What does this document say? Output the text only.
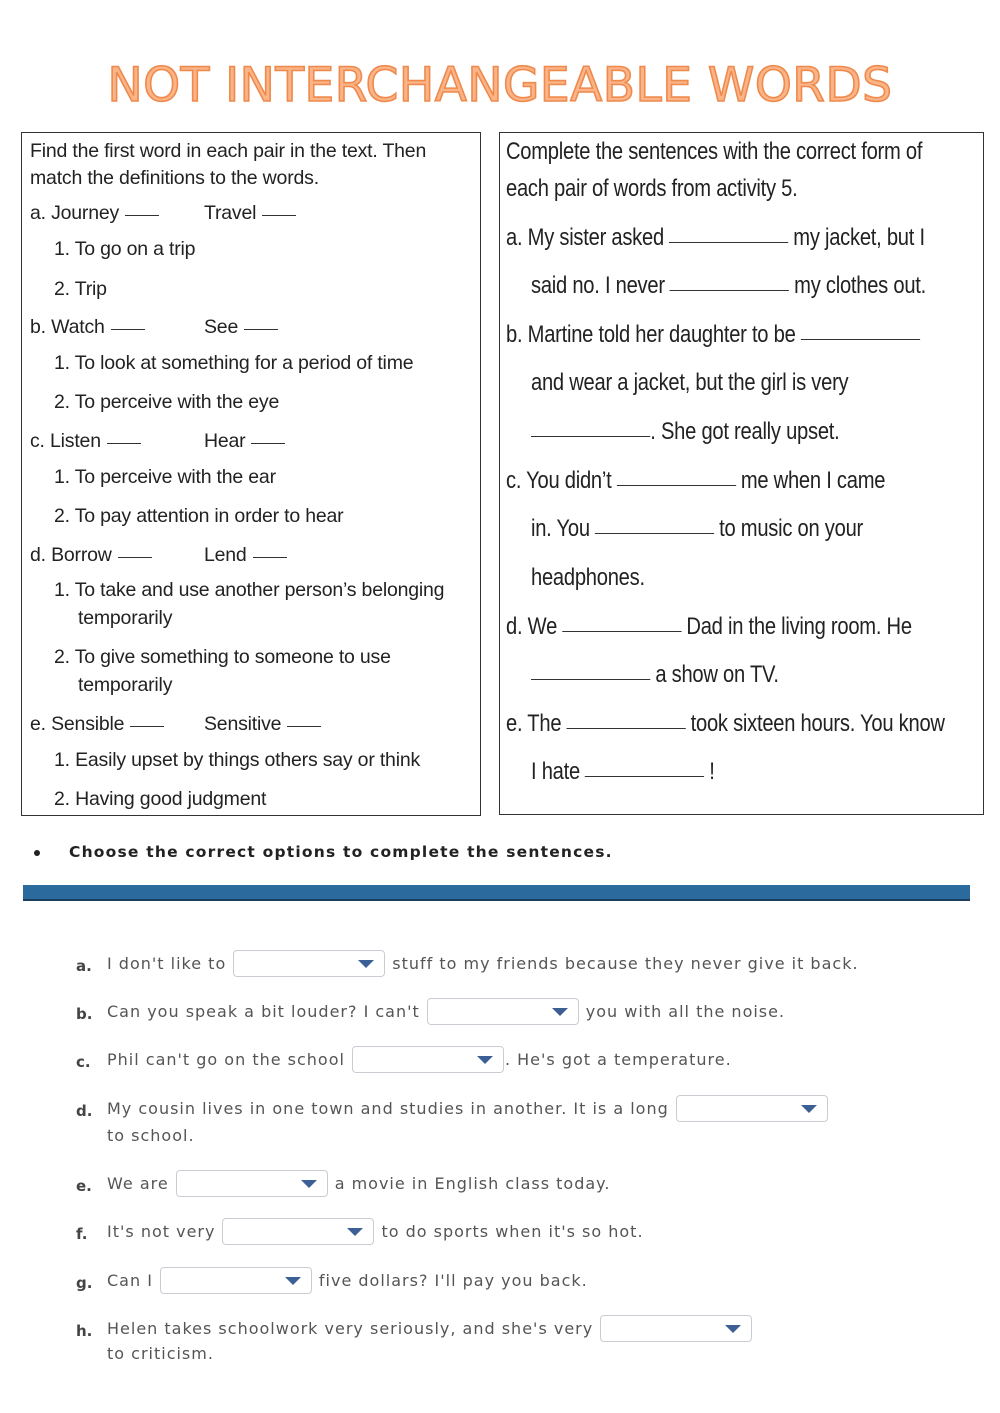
NOT INTERCHANGEABLE WORDS
Find the first word in each pair in the text. Then
match the definitions to the words.
a. Journey	Travel
1. To go on a trip
2. Trip
b. Watch	See
1. To look at something for a period of time
2. To perceive with the eye
c. Listen	Hear
1. To perceive with the ear
2. To pay attention in order to hear
d. Borrow	Lend
1. To take and use another person’s belonging
temporarily
2. To give something to someone to use
temporarily
e. Sensible	Sensitive
1. Easily upset by things others say or think
2. Having good judgment
Complete the sentences with the correct form of
each pair of words from activity 5.
a. My sister asked	my jacket, but I
said no. I never	my clothes out.
b. Martine told her daughter to be
and wear a jacket, but the girl is very
. She got really upset.
c. You didn’t	me when I came
in. You	to music on your
headphones.
d. We	Dad in the living room. He
a show on TV.
e. The	took sixteen hours. You know
I hate	!
Choose the correct options to complete the sentences.
a. I don't like to	stuff to my friends because they never give it back.
b. Can you speak a bit louder? I can't	you with all the noise.
c. Phil can't go on the school	. He's got a temperature.
d. My cousin lives in one town and studies in another. It is a long
to school.
e. We are	a movie in English class today.
f. It's not very	to do sports when it's so hot.
g. Can I	five dollars? I'll pay you back.
h. Helen takes schoolwork very seriously, and she's very
to criticism.
